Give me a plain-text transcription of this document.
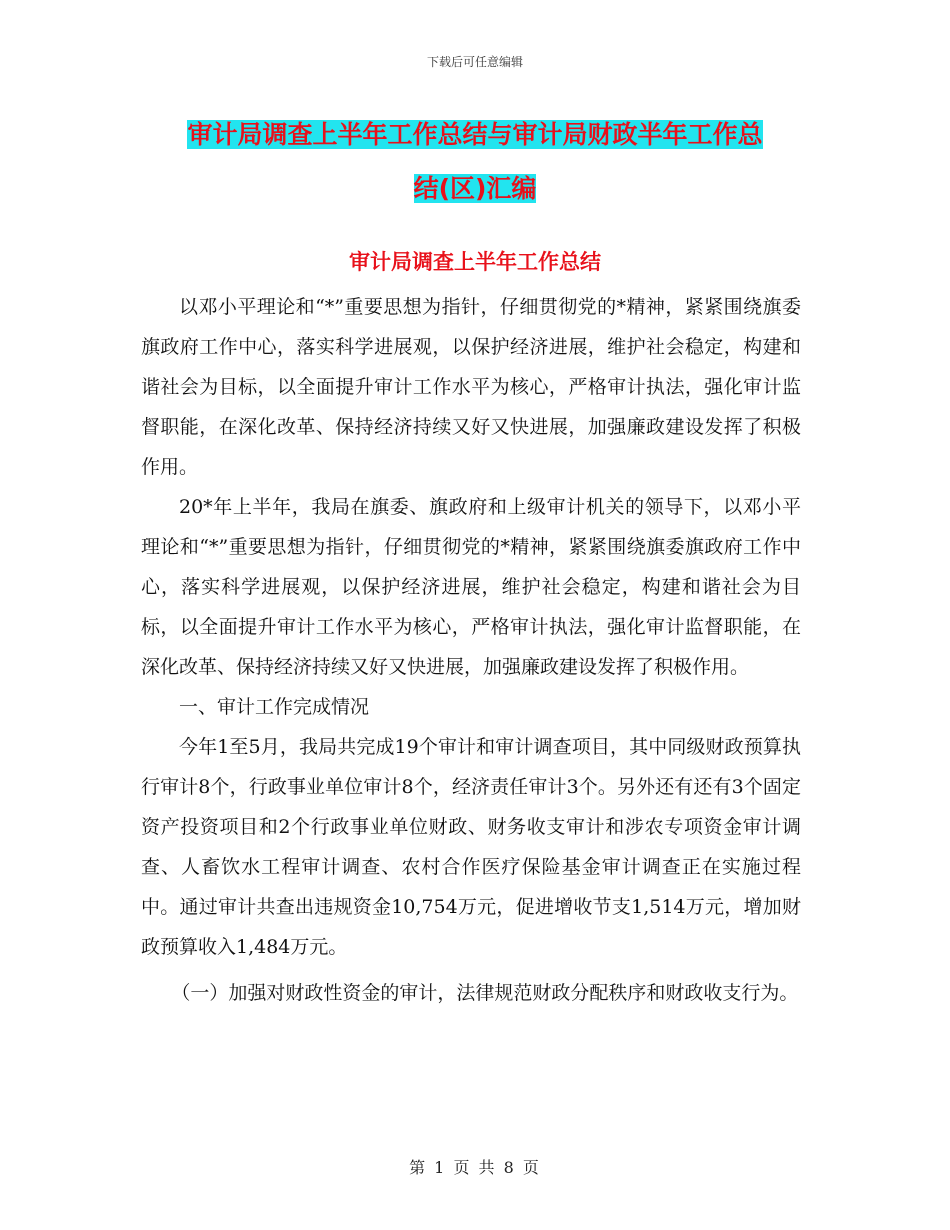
下载后可任意编辑
审计局调查上半年工作总结与审计局财政半年工作总
结(区)汇编
审计局调查上半年工作总结

以邓小平理论和“*”重要思想为指针，仔细贯彻党的*精神，紧紧围绕旗委旗政府工作中心，落实科学进展观，以保护经济进展，维护社会稳定，构建和谐社会为目标，以全面提升审计工作水平为核心，严格审计执法，强化审计监督职能，在深化改革、保持经济持续又好又快进展，加强廉政建设发挥了积极作用。

20*年上半年，我局在旗委、旗政府和上级审计机关的领导下，以邓小平理论和“*”重要思想为指针，仔细贯彻党的*精神，紧紧围绕旗委旗政府工作中心，落实科学进展观，以保护经济进展，维护社会稳定，构建和谐社会为目标，以全面提升审计工作水平为核心，严格审计执法，强化审计监督职能，在深化改革、保持经济持续又好又快进展，加强廉政建设发挥了积极作用。

一、审计工作完成情况

今年1至5月，我局共完成19个审计和审计调查项目，其中同级财政预算执行审计8个，行政事业单位审计8个，经济责任审计3个。另外还有还有3个固定资产投资项目和2个行政事业单位财政、财务收支审计和涉农专项资金审计调查、人畜饮水工程审计调查、农村合作医疗保险基金审计调查正在实施过程中。通过审计共查出违规资金10,754万元，促进增收节支1,514万元，增加财政预算收入1,484万元。

（一）加强对财政性资金的审计，法律规范财政分配秩序和财政收支行为。

第 1 页 共 8 页
